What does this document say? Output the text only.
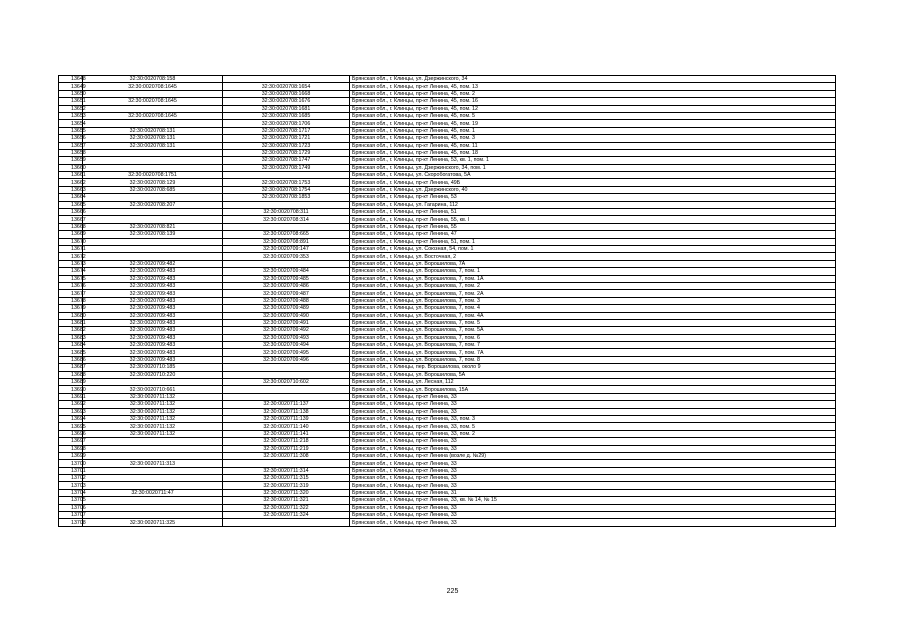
13648	32:30:0020708:158		Брянская обл., г. Клинцы, ул. Дзержинского, 34
13649	32:30:0020708:1645	32:30:0020708:1654	Брянская обл., г. Клинцы, пр-кт Ленина, 45, пом. 13
13650		32:30:0020708:1668	Брянская обл., г. Клинцы, пр-кт Ленина, 45, пом. 2
13651	32:30:0020708:1645	32:30:0020708:1676	Брянская обл., г. Клинцы, пр-кт Ленина, 45, пом. 16
13652		32:30:0020708:1681	Брянская обл., г. Клинцы, пр-кт Ленина, 45, пом. 12
13653	32:30:0020708:1645	32:30:0020708:1685	Брянская обл., г. Клинцы, пр-кт Ленина, 45, пом. 5
13654		32:30:0020708:1706	Брянская обл., г. Клинцы, пр-кт Ленина, 45, пом. 19
13655	32:30:0020708:131	32:30:0020708:1717	Брянская обл., г. Клинцы, пр-кт Ленина, 45, пом. 1
13656	32:30:0020708:131	32:30:0020708:1721	Брянская обл., г. Клинцы, пр-кт Ленина, 45, пом. 3
13657	32:30:0020708:131	32:30:0020708:1723	Брянская обл., г. Клинцы, пр-кт Ленина, 45, пом. 11
13658		32:30:0020708:1729	Брянская обл., г. Клинцы, пр-кт Ленина, 45, пом. 18
13659		32:30:0020708:1747	Брянская обл., г. Клинцы, пр-кт Ленина, 53, кв. 1, пом. 1
13660		32:30:0020708:1749	Брянская обл., г. Клинцы, ул. Дзержинского, 34, пом. 1
13661	32:30:0020708:1751		Брянская обл., г. Клинцы, ул. Скоробогатова, 5А
13662	32:30:0020708:129	32:30:0020708:1753	Брянская обл., г. Клинцы, пр-кт Ленина, 49Б
13663	32:30:0020708:685	32:30:0020708:1754	Брянская обл., г. Клинцы, ул. Дзержинского, 40
13664		32:30:0020708:1853	Брянская обл., г. Клинцы, пр-кт Ленина, 53
13665	32:30:0020708:207		Брянская обл., г. Клинцы, ул. Гагарина, 112
13666		32:30:0020708:311	Брянская обл., г. Клинцы, пр-кт Ленина, 51
13667		32:30:0020708:314	Брянская обл., г. Клинцы, пр-кт Ленина, 55, кв. I
13668	32:30:0020708:821		Брянская обл., г. Клинцы, пр-кт Ленина, 55
13669	32:30:0020708:139	32:30:0020708:665	Брянская обл., г. Клинцы, пр-кт Ленина, 47
13670		32:30:0020708:891	Брянская обл., г. Клинцы, пр-кт Ленина, 51, пом. 1
13671		32:30:0020709:147	Брянская обл., г. Клинцы, ул. Союзная, 54, пом. 1
13672		32:30:0020709:353	Брянская обл., г. Клинцы, ул. Восточная, 2
13673	32:30:0020709:482		Брянская обл., г. Клинцы, ул. Ворошилова, 7А
13674	32:30:0020709:483	32:30:0020709:484	Брянская обл., г. Клинцы, ул. Ворошилова, 7, пом. 1
13675	32:30:0020709:483	32:30:0020709:485	Брянская обл., г. Клинцы, ул. Ворошилова, 7, пом. 1А
13676	32:30:0020709:483	32:30:0020709:486	Брянская обл., г. Клинцы, ул. Ворошилова, 7, пом. 2
13677	32:30:0020709:483	32:30:0020709:487	Брянская обл., г. Клинцы, ул. Ворошилова, 7, пом. 2А
13678	32:30:0020709:483	32:30:0020709:488	Брянская обл., г. Клинцы, ул. Ворошилова, 7, пом. 3
13679	32:30:0020709:483	32:30:0020709:489	Брянская обл., г. Клинцы, ул. Ворошилова, 7, пом. 4
13680	32:30:0020709:483	32:30:0020709:490	Брянская обл., г. Клинцы, ул. Ворошилова, 7, пом. 4А
13681	32:30:0020709:483	32:30:0020709:491	Брянская обл., г. Клинцы, ул. Ворошилова, 7, пом. 5
13682	32:30:0020709:483	32:30:0020709:492	Брянская обл., г. Клинцы, ул. Ворошилова, 7, пом. 5А
13683	32:30:0020709:483	32:30:0020709:493	Брянская обл., г. Клинцы, ул. Ворошилова, 7, пом. 6
13684	32:30:0020709:483	32:30:0020709:494	Брянская обл., г. Клинцы, ул. Ворошилова, 7, пом. 7
13685	32:30:0020709:483	32:30:0020709:495	Брянская обл., г. Клинцы, ул. Ворошилова, 7, пом. 7А
13686	32:30:0020709:483	32:30:0020709:496	Брянская обл., г. Клинцы, ул. Ворошилова, 7, пом. 8
13687	32:30:0020710:185		Брянская обл., г. Клинцы, пер. Ворошилова, около 9
13688	32:30:0020710:220		Брянская обл., г. Клинцы, ул. Ворошилова, 5А
13689		32:30:0020710:602	Брянская обл., г. Клинцы, ул. Лесная, 112
13690	32:30:0020710:661		Брянская обл., г. Клинцы, ул. Ворошилова, 15А
13691	32:30:0020711:132		Брянская обл., г. Клинцы, пр-кт Ленина, 33
13692	32:30:0020711:132	32:30:0020711:137	Брянская обл., г. Клинцы, пр-кт Ленина, 33
13693	32:30:0020711:132	32:30:0020711:138	Брянская обл., г. Клинцы, пр-кт Ленина, 33
13694	32:30:0020711:132	32:30:0020711:139	Брянская обл., г. Клинцы, пр-кт Ленина, 33, пом. 3
13695	32:30:0020711:132	32:30:0020711:140	Брянская обл., г. Клинцы, пр-кт Ленина, 33, пом. 5
13696	32:30:0020711:132	32:30:0020711:141	Брянская обл., г. Клинцы, пр-кт Ленина, 33, пом. 2
13697		32:30:0020711:218	Брянская обл., г. Клинцы, пр-кт Ленина, 33
13698		32:30:0020711:219	Брянская обл., г. Клинцы, пр-кт Ленина, 33
13699		32:30:0020711:308	Брянская обл., г. Клинцы, пр-кт Ленина (возле д. №29)
13700	32:30:0020711:313		Брянская обл., г. Клинцы, пр-кт Ленина, 33
13701		32:30:0020711:314	Брянская обл., г. Клинцы, пр-кт Ленина, 33
13702		32:30:0020711:315	Брянская обл., г. Клинцы, пр-кт Ленина, 33
13703		32:30:0020711:319	Брянская обл., г. Клинцы, пр-кт Ленина, 33
13704	32:30:0020711:47	32:30:0020711:320	Брянская обл., г. Клинцы, пр-кт Ленина, 31
13705		32:30:0020711:321	Брянская обл., г. Клинцы, пр-кт Ленина, 33, кв. № 14, № 15
13706		32:30:0020711:322	Брянская обл., г. Клинцы, пр-кт Ленина, 33
13707		32:30:0020711:324	Брянская обл., г. Клинцы, пр-кт Ленина, 33
13708	32:30:0020711:325		Брянская обл., г. Клинцы, пр-кт Ленина, 33
225
